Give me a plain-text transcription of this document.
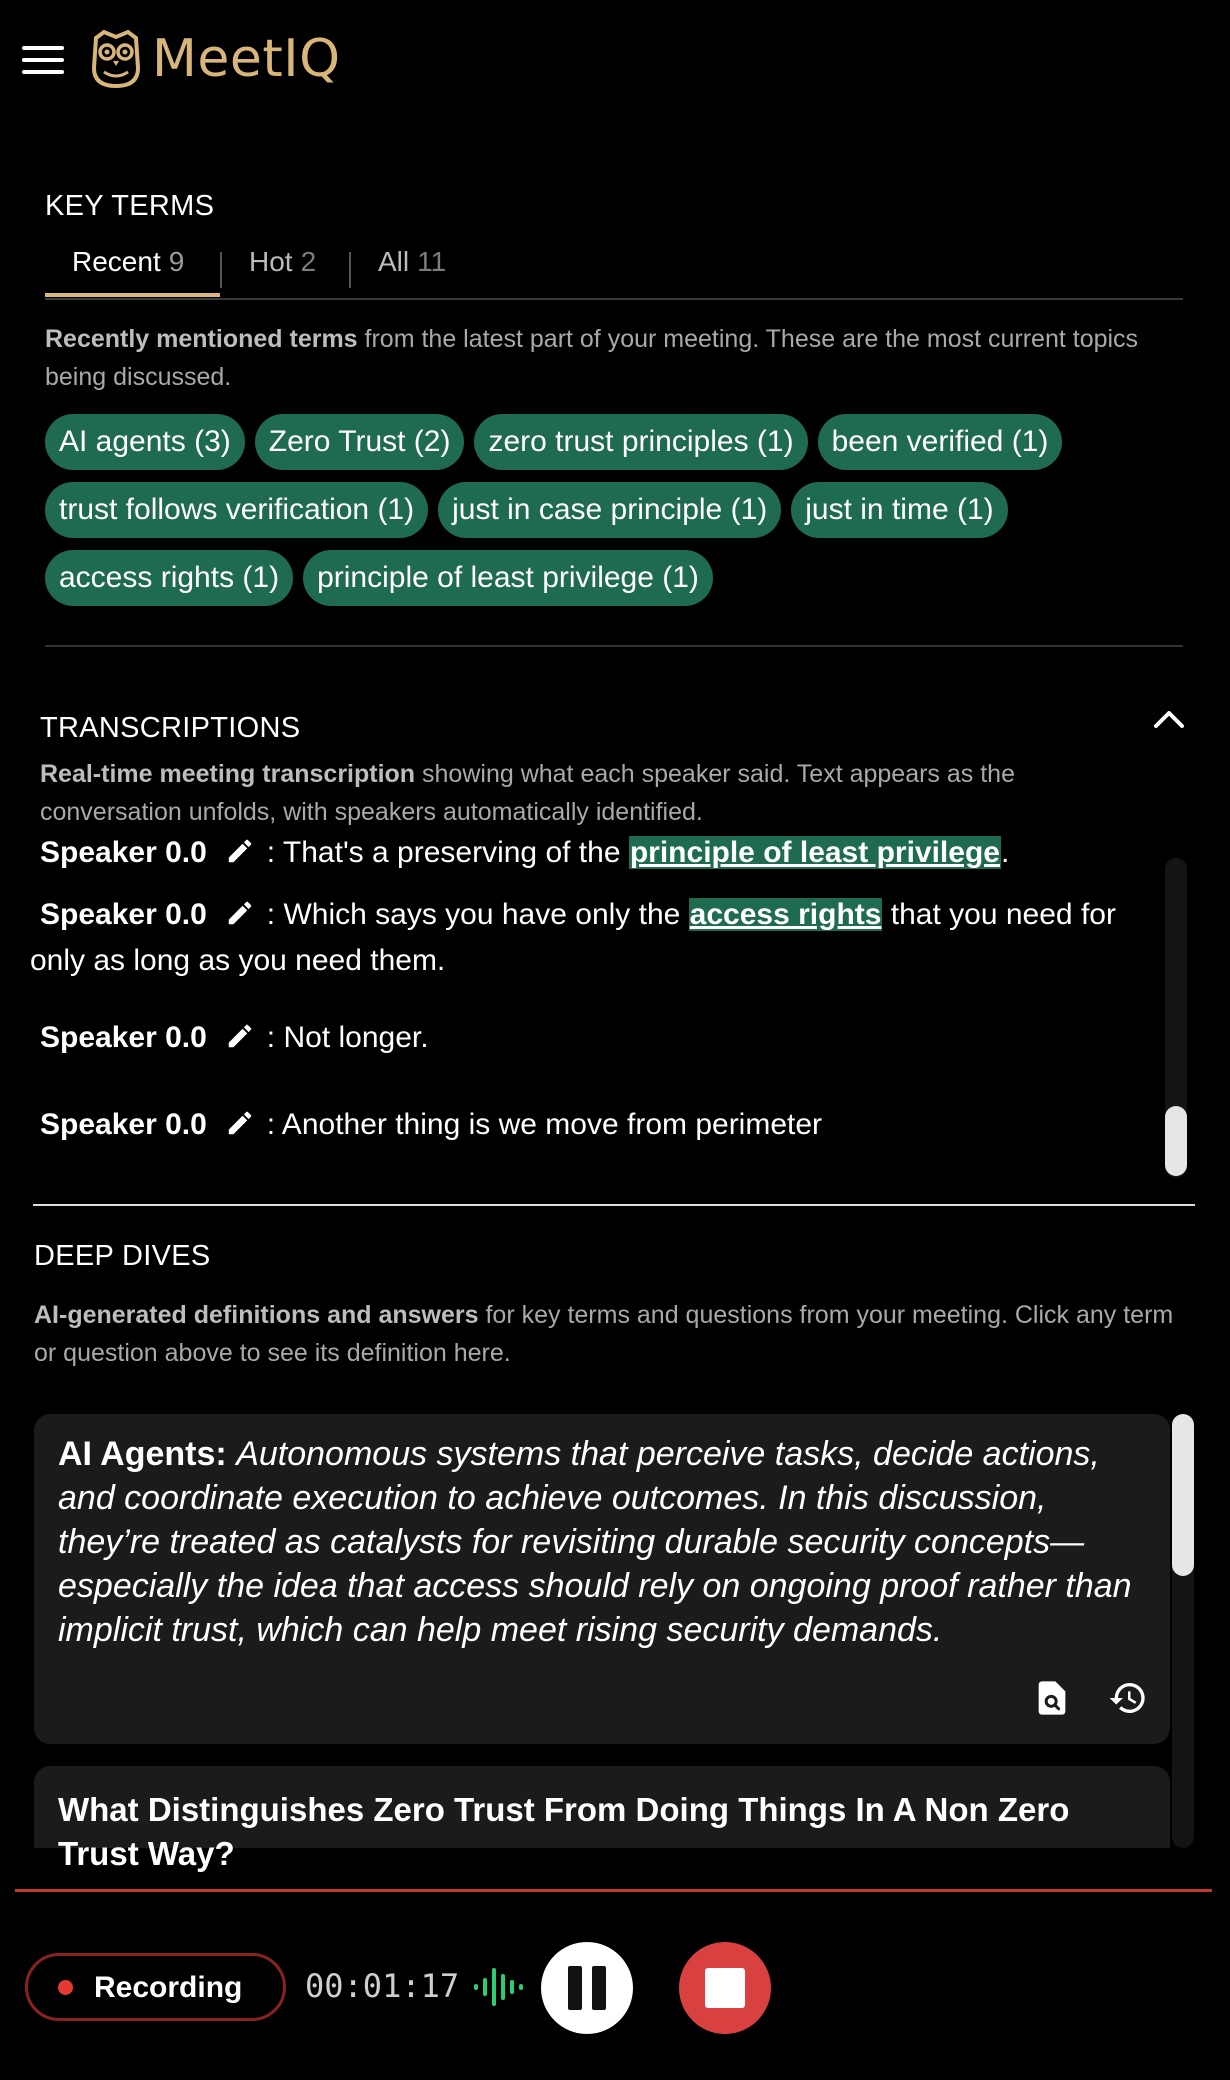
MeetIQ
KEY TERMS
Recent 9 Hot 2 All 11
Recently mentioned terms from the latest part of your meeting. These are the most current topics being discussed.
AI agents (3)	Zero Trust (2)	zero trust principles (1)	been verified (1)
trust follows verification (1)	just in case principle (1)	just in time (1)
access rights (1)	principle of least privilege (1)
TRANSCRIPTIONS
Real-time meeting transcription showing what each speaker said. Text appears as the conversation unfolds, with speakers automatically identified.
Speaker 0.0 : That's a preserving of the principle of least privilege.
Speaker 0.0 : Which says you have only the access rights that you need for
only as long as you need them.
Speaker 0.0 : Not longer.
Speaker 0.0 : Another thing is we move from perimeter
DEEP DIVES
AI-generated definitions and answers for key terms and questions from your meeting. Click any term or question above to see its definition here.
AI Agents: Autonomous systems that perceive tasks, decide actions, and coordinate execution to achieve outcomes. In this discussion, they’re treated as catalysts for revisiting durable security concepts—especially the idea that access should rely on ongoing proof rather than implicit trust, which can help meet rising security demands.
What Distinguishes Zero Trust From Doing Things In A Non Zero Trust Way?
Recording 00:01:17
